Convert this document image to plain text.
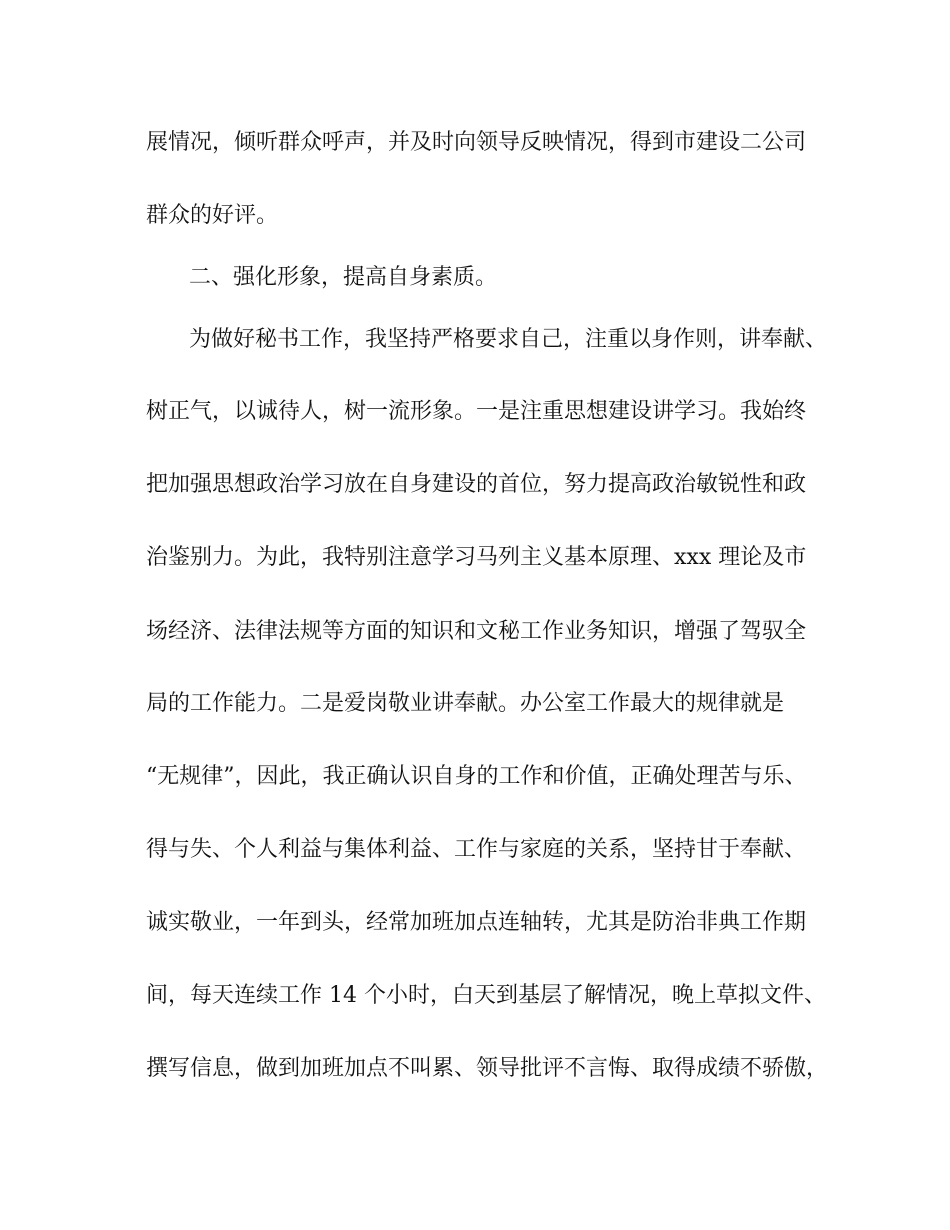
展情况，倾听群众呼声，并及时向领导反映情况，得到市建设二公司
群众的好评。
二、强化形象，提高自身素质。
为做好秘书工作，我坚持严格要求自己，注重以身作则，讲奉献、
树正气，以诚待人，树一流形象。一是注重思想建设讲学习。我始终
把加强思想政治学习放在自身建设的首位，努力提高政治敏锐性和政
治鉴别力。为此，我特别注意学习马列主义基本原理、xxx 理论及市
场经济、法律法规等方面的知识和文秘工作业务知识，增强了驾驭全
局的工作能力。二是爱岗敬业讲奉献。办公室工作最大的规律就是
“无规律”，因此，我正确认识自身的工作和价值，正确处理苦与乐、
得与失、个人利益与集体利益、工作与家庭的关系，坚持甘于奉献、
诚实敬业，一年到头，经常加班加点连轴转，尤其是防治非典工作期
间，每天连续工作 14 个小时，白天到基层了解情况，晚上草拟文件、
撰写信息，做到加班加点不叫累、领导批评不言悔、取得成绩不骄傲，
